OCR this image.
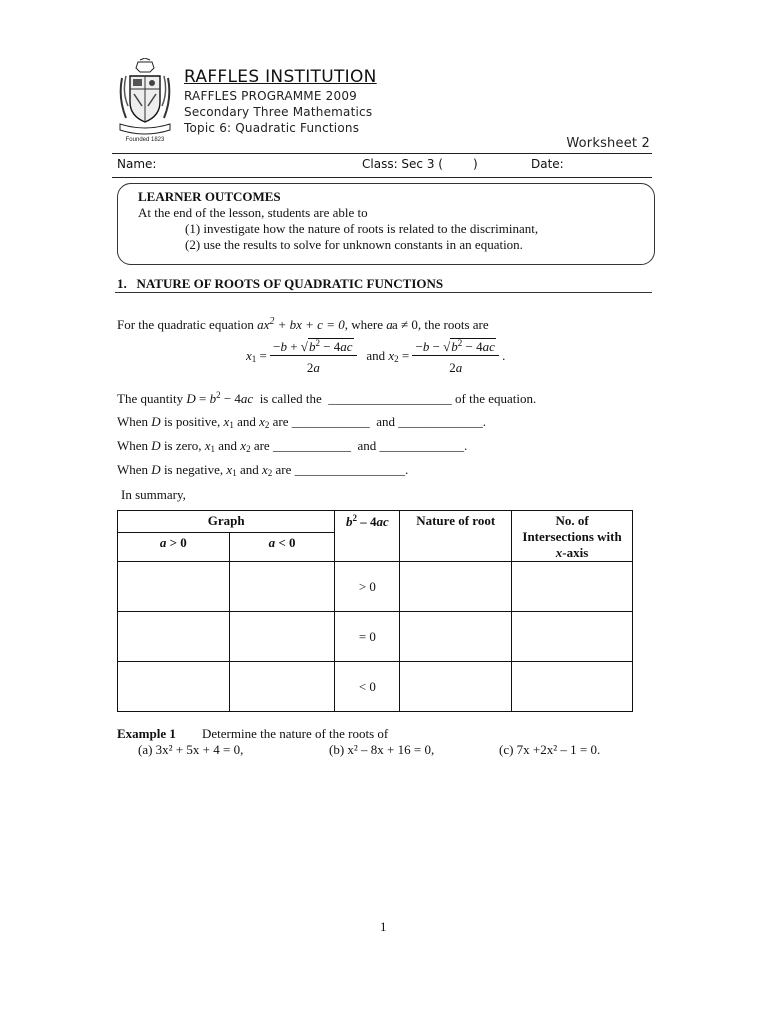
Founded 1823
RAFFLES INSTITUTION
RAFFLES PROGRAMME 2009
Secondary Three Mathematics
Topic 6: Quadratic Functions
Worksheet 2
Name:	Class: Sec 3 (	)	Date:
LEARNER OUTCOMES
At the end of the lesson, students are able to
(1) investigate how the nature of roots is related to the discriminant,
(2) use the results to solve for unknown constants in an equation.
1.   NATURE OF ROOTS OF QUADRATIC FUNCTIONS
For the quadratic equation $ax^2$ + bx + c = 0, where a a ≠ 0, the roots are
$x_1 = \frac{-b + √b^2 - 4ac}{2a}$ and $x_2 = \frac{-b - √b^2 - 4ac}{2a}$ .
The quantity $D = b^2 - 4ac$ is called the ___________________ of the equation.
When D is positive, $x_1$ and $x_2$ are ____________  and _____________.
When D is zero, $x_1$ and $x_2$ are ____________  and _____________.
When D is negative, $x_1$ and $x_2$ are _________________.
In summary,
Graph		$b^2 - 4ac$	Nature of root	No. of
Intersections with
x-axis
a > 0	a < 0			
		> 0		
		= 0		
		< 0		
Example 1 Determine the nature of the roots of
(a) 3x² + 5x + 4 = 0,	(b) x² – 8x + 16 = 0,	(c) 7x +2x² – 1 = 0.
1
